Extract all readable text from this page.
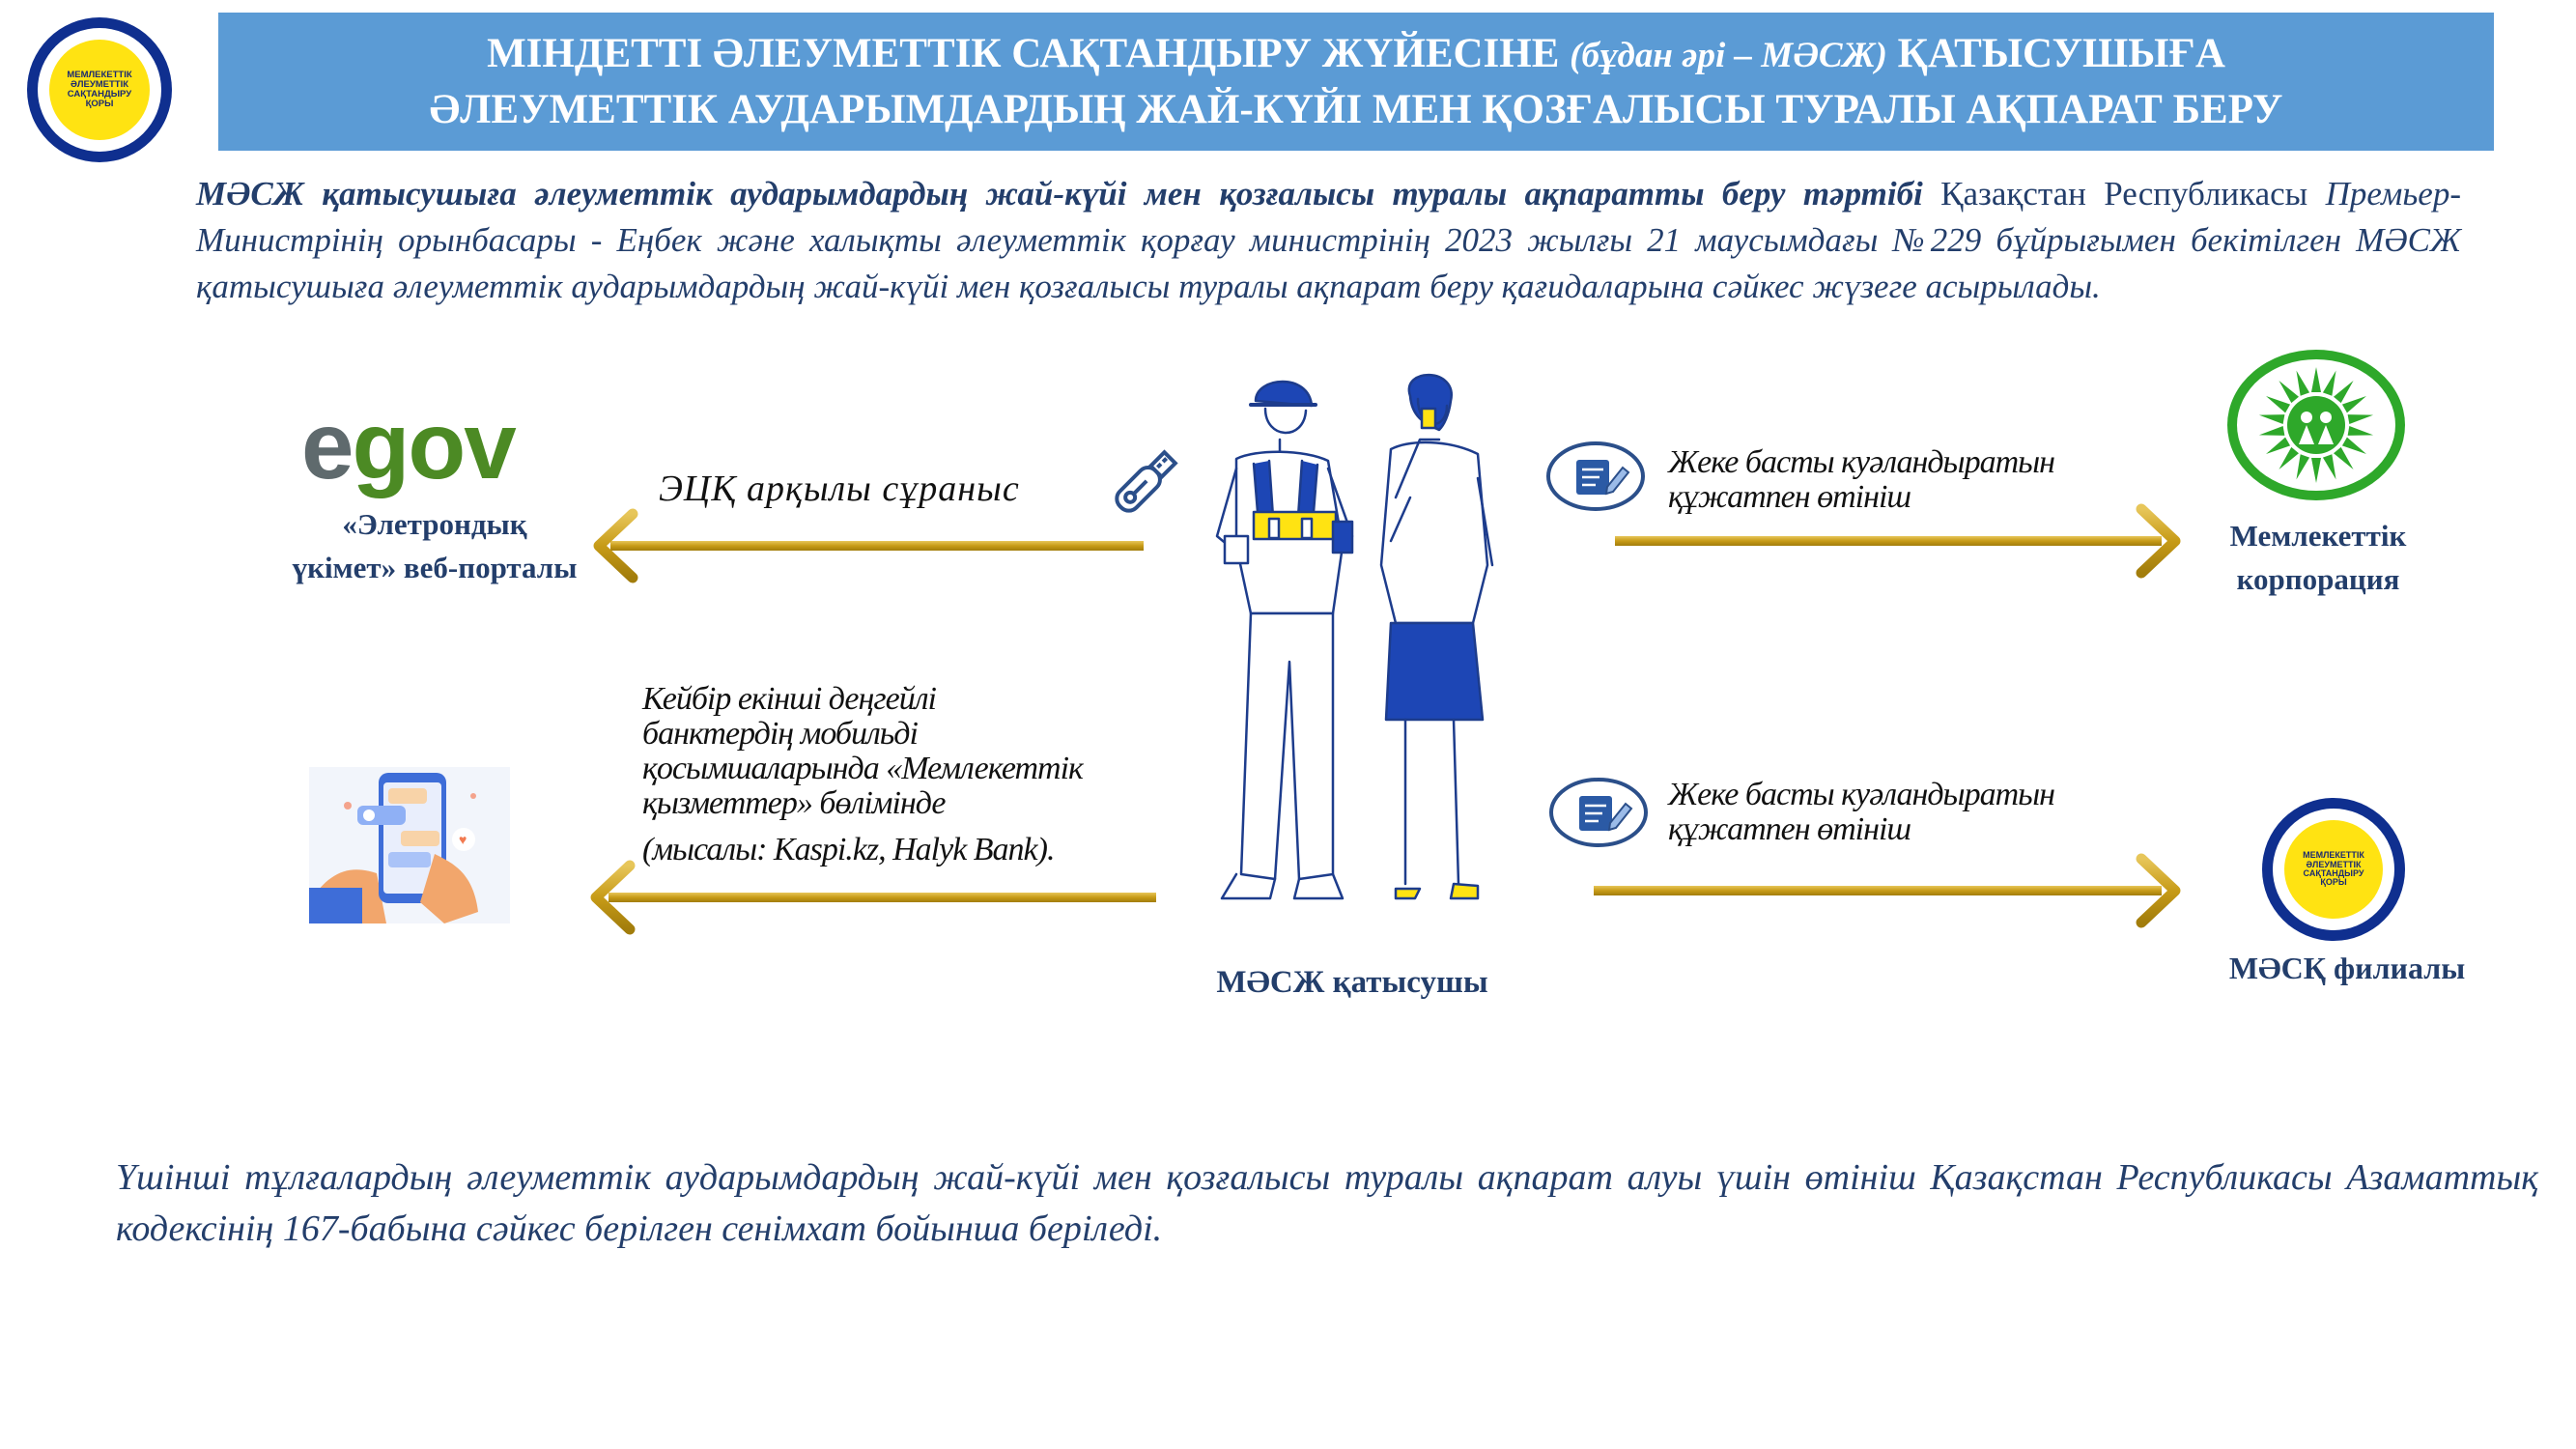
МЕМЛЕКЕТТІК
ӘЛЕУМЕТТІК
САҚТАНДЫРУ
ҚОРЫ
МІНДЕТТІ ӘЛЕУМЕТТІК САҚТАНДЫРУ ЖҮЙЕСІНЕ (бұдан әрі – МӘСЖ) ҚАТЫСУШЫҒА
ӘЛЕУМЕТТІК АУДАРЫМДАРДЫҢ ЖАЙ-КҮЙІ МЕН ҚОЗҒАЛЫСЫ ТУРАЛЫ АҚПАРАТ БЕРУ
МӘСЖ қатысушыға әлеуметтік аударымдардың жай-күйі мен қозғалысы туралы ақпаратты беру тәртібі Қазақстан Республикасы Премьер-Министрінің орынбасары - Еңбек және халықты әлеуметтік қорғау министрінің 2023 жылғы 21 маусымдағы №229 бұйрығымен бекітілген МӘСЖ қатысушыға әлеуметтік аударымдардың жай-күйі мен қозғалысы туралы ақпарат беру қағидаларына сәйкес жүзеге асырылады.
egov
«Элетрондық
үкімет» веб-порталы
ЭЦҚ арқылы сұраныс
♥
Кейбір екінші деңгейлі
банктердің мобильді
қосымшаларында «Мемлекеттік
қызметтер» бөлімінде
(мысалы: Kaspi.kz, Halyk Bank).
МӘСЖ қатысушы
Жеке басты куәландыратын
құжатпен өтініш
Мемлекеттік
корпорация
Жеке басты куәландыратын
құжатпен өтініш
МЕМЛЕКЕТТІК
ӘЛЕУМЕТТІК
САҚТАНДЫРУ
ҚОРЫ
МӘСҚ филиалы
Үшінші тұлғалардың әлеуметтік аударымдардың жай-күйі мен қозғалысы туралы ақпарат алуы үшін өтініш Қазақстан Республикасы Азаматтық кодексінің 167-бабына сәйкес берілген сенімхат бойынша беріледі.
